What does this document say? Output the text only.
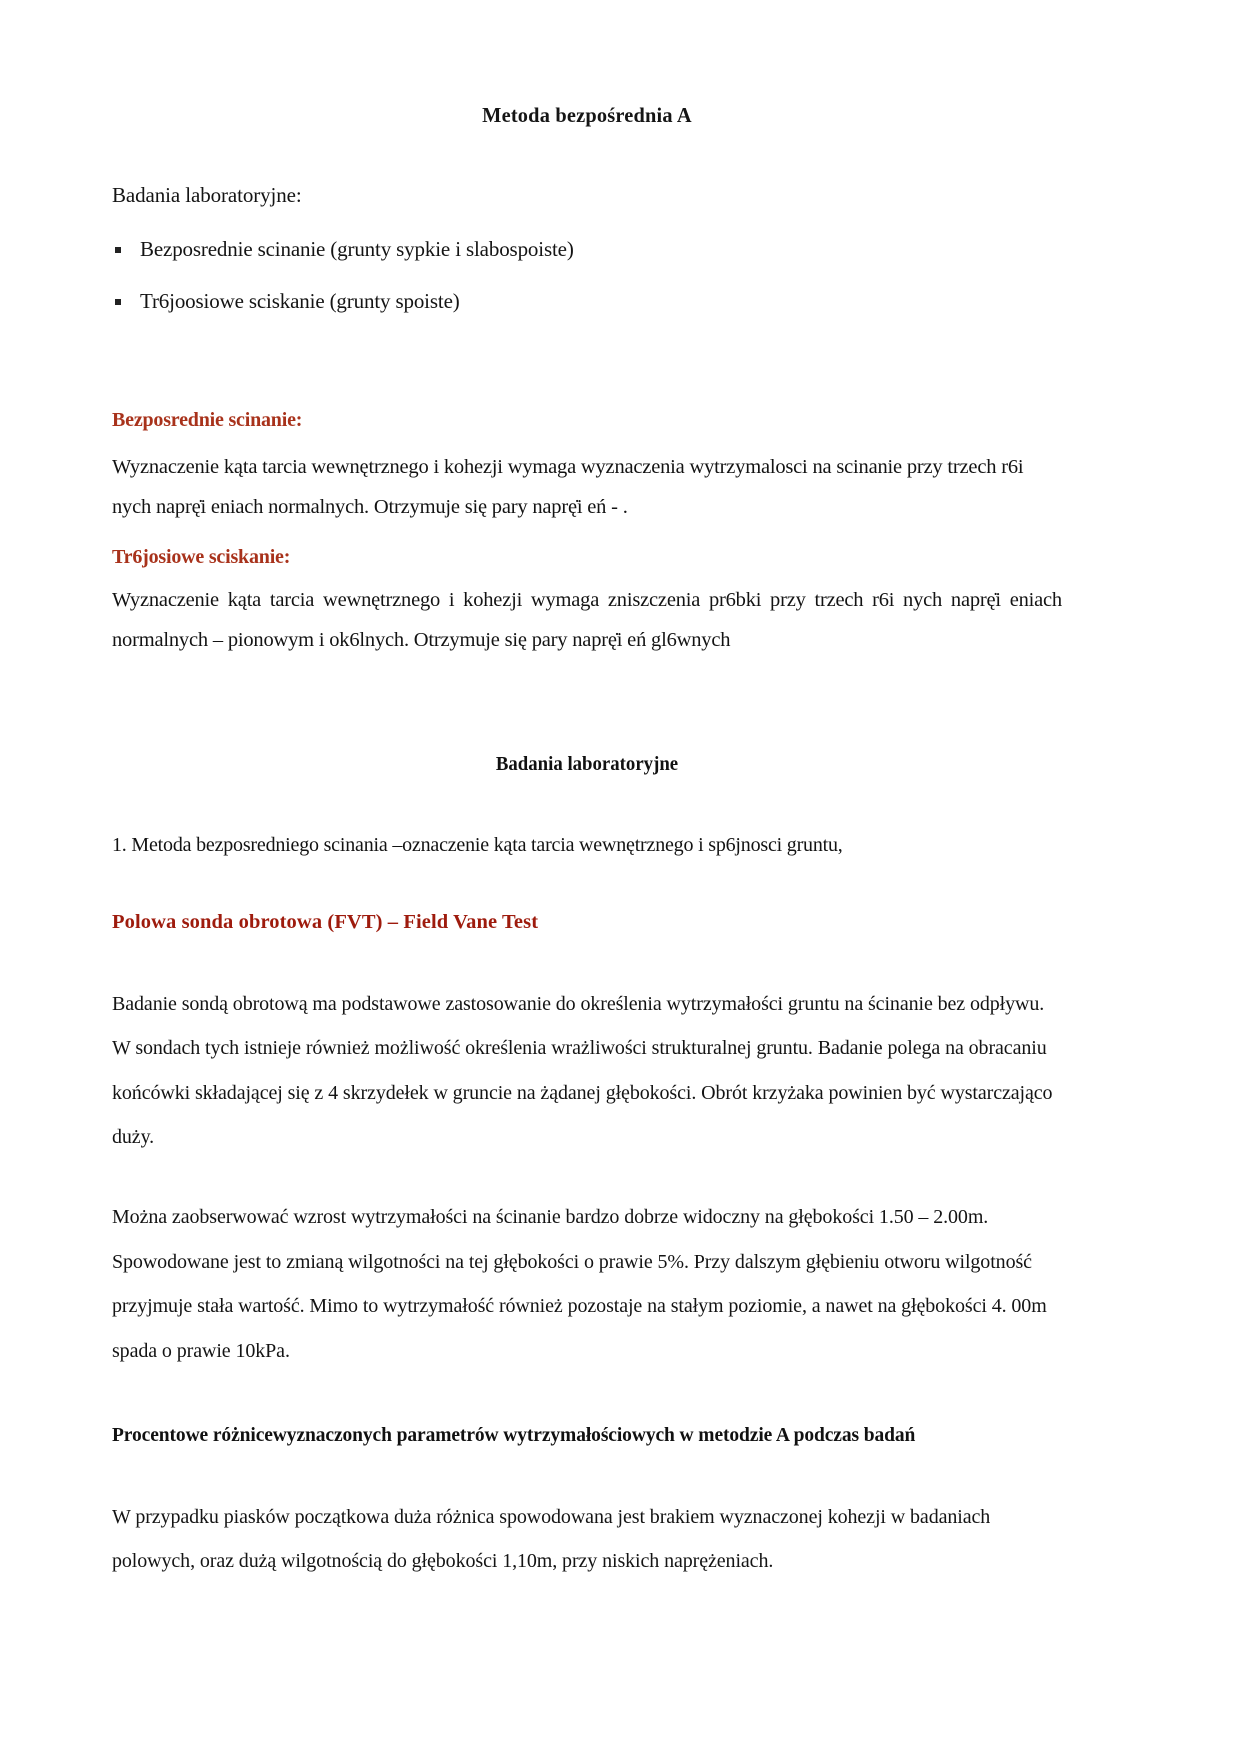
Metoda bezpośrednia A

Badania laboratoryjne:

Bezposrednie scinanie (grunty sypkie i slabospoiste)
Tr6joosiowe sciskanie (grunty spoiste)
Bezposrednie scinanie:

Wyznaczenie kąta tarcia wewnętrznego i kohezji wymaga wyznaczenia wytrzymalosci na scinanie przy trzech r6i nych naprę̇i eniach normalnych. Otrzymuje się pary naprę̇i eń - .

Tr6josiowe sciskanie:

Wyznaczenie kąta tarcia wewnętrznego i kohezji wymaga zniszczenia pr6bki przy trzech r6i nych naprę̇i eniach normalnych – pionowym i ok6lnych. Otrzymuje się pary naprę̇i eń gl6wnych

Badania laboratoryjne

1. Metoda bezposredniego scinania –oznaczenie kąta tarcia wewnętrznego i sp6jnosci gruntu,

Polowa sonda obrotowa (FVT) – Field Vane Test

Badanie sondą obrotową ma podstawowe zastosowanie do określenia wytrzymałości gruntu na ścinanie bez odpływu. W sondach tych istnieje również możliwość określenia wrażliwości strukturalnej gruntu. Badanie polega na obracaniu końcówki składającej się z 4 skrzydełek w gruncie na żądanej głębokości. Obrót krzyżaka powinien być wystarczająco duży.

Można zaobserwować wzrost wytrzymałości na ścinanie bardzo dobrze widoczny na głębokości 1.50 – 2.00m. Spowodowane jest to zmianą wilgotności na tej głębokości o prawie 5%. Przy dalszym głębieniu otworu wilgotność przyjmuje stała wartość. Mimo to wytrzymałość również pozostaje na stałym poziomie, a nawet na głębokości 4. 00m spada o prawie 10kPa.

Procentowe różnicewyznaczonych parametrów wytrzymałościowych w metodzie A podczas badań

W przypadku piasków początkowa duża różnica spowodowana jest brakiem wyznaczonej kohezji w badaniach polowych, oraz dużą wilgotnością do głębokości 1,10m, przy niskich naprężeniach.
